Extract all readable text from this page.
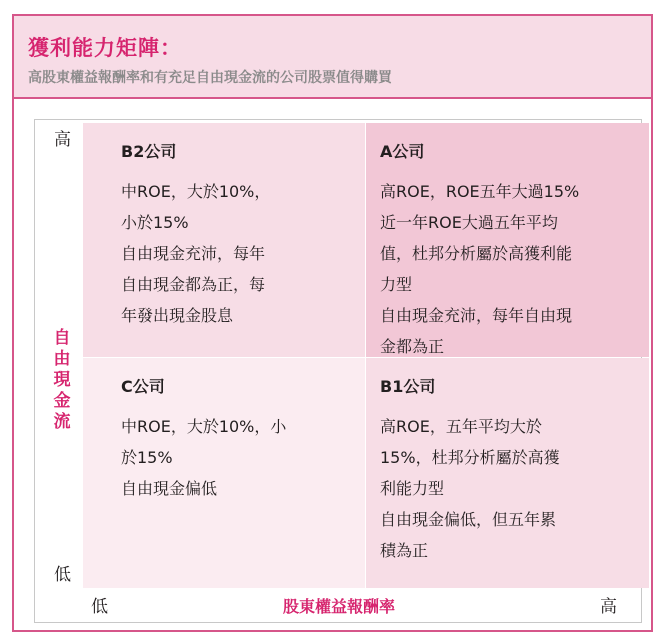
獲利能力矩陣：
高股東權益報酬率和有充足自由現金流的公司股票值得購買
高
自
由
現
金
流
低
B2公司
中ROE，大於10%，
小於15%
自由現金充沛，每年
自由現金都為正，每
年發出現金股息
A公司
高ROE，ROE五年大過15%
近一年ROE大過五年平均
值，杜邦分析屬於高獲利能
力型
自由現金充沛，每年自由現
金都為正
C公司
中ROE，大於10%，小
於15%
自由現金偏低
B1公司
高ROE，五年平均大於
15%，杜邦分析屬於高獲
利能力型
自由現金偏低，但五年累
積為正
低	股東權益報酬率	高
